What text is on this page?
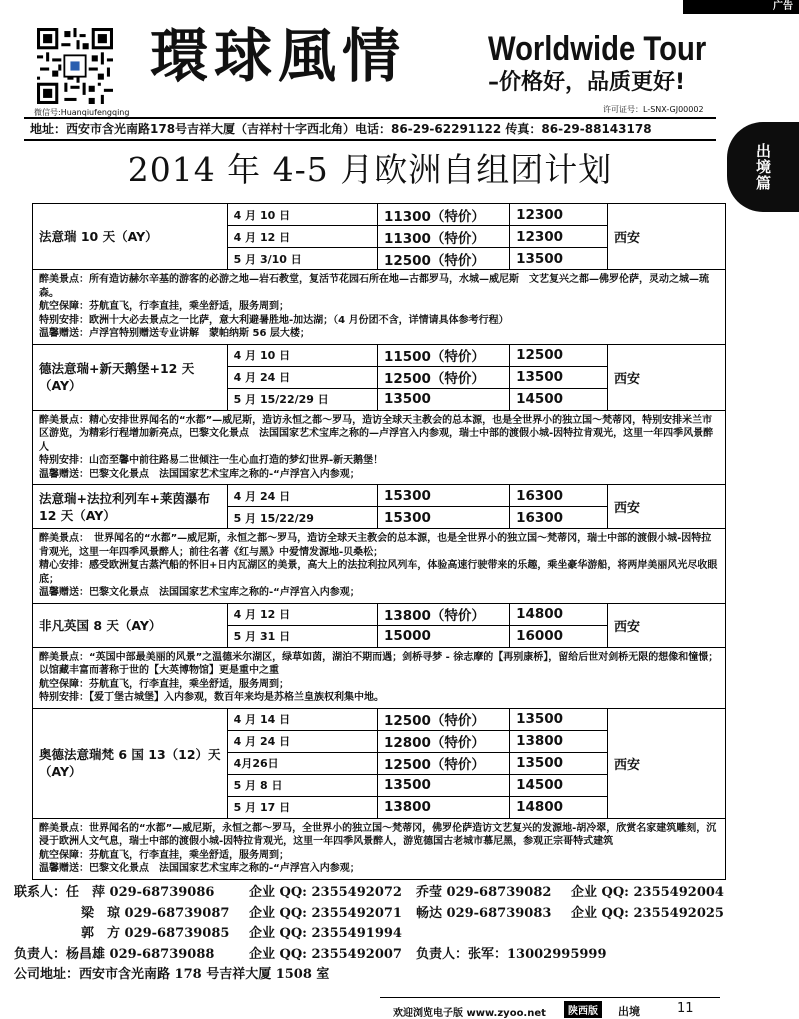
广告
出境篇
微信号:Huanqiufengqing
環球風情 Worldwide Tour
–价格好，品质更好!
许可证号：L-SNX-GJ00002
地址：西安市含光南路178号吉祥大厦（吉祥村十字西北角）电话：86-29-62291122 传真：86-29-88143178
2014 年 4-5 月欧洲自组团计划
法意瑞 10 天（AY）	4 月 10 日	11300（特价）	12300	西安
	4 月 12 日	11300（特价）	12300	
	5 月 3/10 日	12500（特价）	13500	

醉美景点：所有造访赫尔辛基的游客的必游之地—岩石教堂，复活节花园石所在地—古都罗马，水城—威尼斯　文艺复兴之都—佛罗伦萨，灵动之城—琉森。
航空保障：芬航直飞，行李直挂，乘坐舒适，服务周到；
特别安排：欧洲十大必去景点之一比萨，意大利避暑胜地-加达湖；（4 月份团不含，详情请具体参考行程）
温馨赠送：卢浮宫特别赠送专业讲解　蒙帕纳斯 56 层大楼；				

德法意瑞+新天鹅堡+12 天（AY）	4 月 10 日	11500（特价）	12500	西安
	4 月 24 日	12500（特价）	13500	
	5 月 15/22/29 日	13500	14500	

醉美景点：精心安排世界闻名的“水都”—威尼斯，造访永恒之都～罗马，造访全球天主教会的总本源，也是全世界小的独立国～梵蒂冈，特别安排米兰市区游览，为精彩行程增加新亮点，巴黎文化景点　法国国家艺术宝库之称的—卢浮宫入内参观，瑞士中部的渡假小城-因特拉肯观光，这里一年四季风景醉人
特别安排：山峦至馨中前往路易二世倾注一生心血打造的梦幻世界-新天鹅堡！
温馨赠送：巴黎文化景点　法国国家艺术宝库之称的-“卢浮宫入内参观；				

法意瑞+法拉利列车+莱茵瀑布 12 天（AY）	4 月 24 日	15300	16300	西安
	5 月 15/22/29	15300	16300	

醉美景点：　世界闻名的“水都”—威尼斯，永恒之都～罗马，造访全球天主教会的总本源，也是全世界小的独立国～梵蒂冈，瑞士中部的渡假小城-因特拉肯观光，这里一年四季风景醉人；前往名著《红与黑》中爱情发源地-贝桑松；
精心安排：感受欧洲复古蒸汽船的怀旧+日内瓦湖区的美景，高大上的法拉利拉风列车，体验高速行驶带来的乐趣，乘坐豪华游船，将两岸美丽风光尽收眼底；
温馨赠送：巴黎文化景点　法国国家艺术宝库之称的-“卢浮宫入内参观；				

非凡英国 8 天（AY）	4 月 12 日	13800（特价）	14800	西安
	5 月 31 日	15000	16000	

醉美景点：“英国中部最美丽的风景”之温德米尔湖区，绿草如茵，湖泊不期而遇；剑桥寻梦 - 徐志摩的【再别康桥】，留给后世对剑桥无限的想像和憧憬；以馆藏丰富而著称于世的【大英博物馆】更是重中之重
航空保障：芬航直飞，行李直挂，乘坐舒适，服务周到；
特别安排：【爱丁堡古城堡】入内参观，数百年来均是苏格兰皇族权利集中地。				

奥德法意瑞梵 6 国 13（12）天（AY）	4 月 14 日	12500（特价）	13500	西安
	4 月 24 日	12800（特价）	13800	
	4月26日	12500（特价）	13500	
	5 月 8 日	13500	14500	
	5 月 17 日	13800	14800	

醉美景点：世界闻名的“水都”—威尼斯，永恒之都～罗马，全世界小的独立国～梵蒂冈，佛罗伦萨造访文艺复兴的发源地-胡冷翠，欣赏名家建筑雕刻，沉浸于欧洲人文气息，瑞士中部的渡假小城-因特拉肯观光，这里一年四季风景醉人，游览德国古老城市慕尼黑，参观正宗哥特式建筑
航空保障：芬航直飞，行李直挂，乘坐舒适，服务周到；
温馨赠送：巴黎文化景点　法国国家艺术宝库之称的-“卢浮宫入内参观；				
联系人：任　萍 029-68739086	企业 QQ: 2355492072 乔莹 029-68739082 企业 QQ: 2355492004
梁　琼 029-68739087 企业 QQ: 2355492071 畅达 029-68739083 企业 QQ: 2355492025
郭　方 029-68739085 企业 QQ: 2355491994
负责人：杨昌雄 029-68739088	企业 QQ: 2355492007 负责人：张军：13002995999
公司地址：西安市含光南路 178 号吉祥大厦 1508 室
欢迎浏览电子版 www.zyoo.net	陕西版	出境	11
